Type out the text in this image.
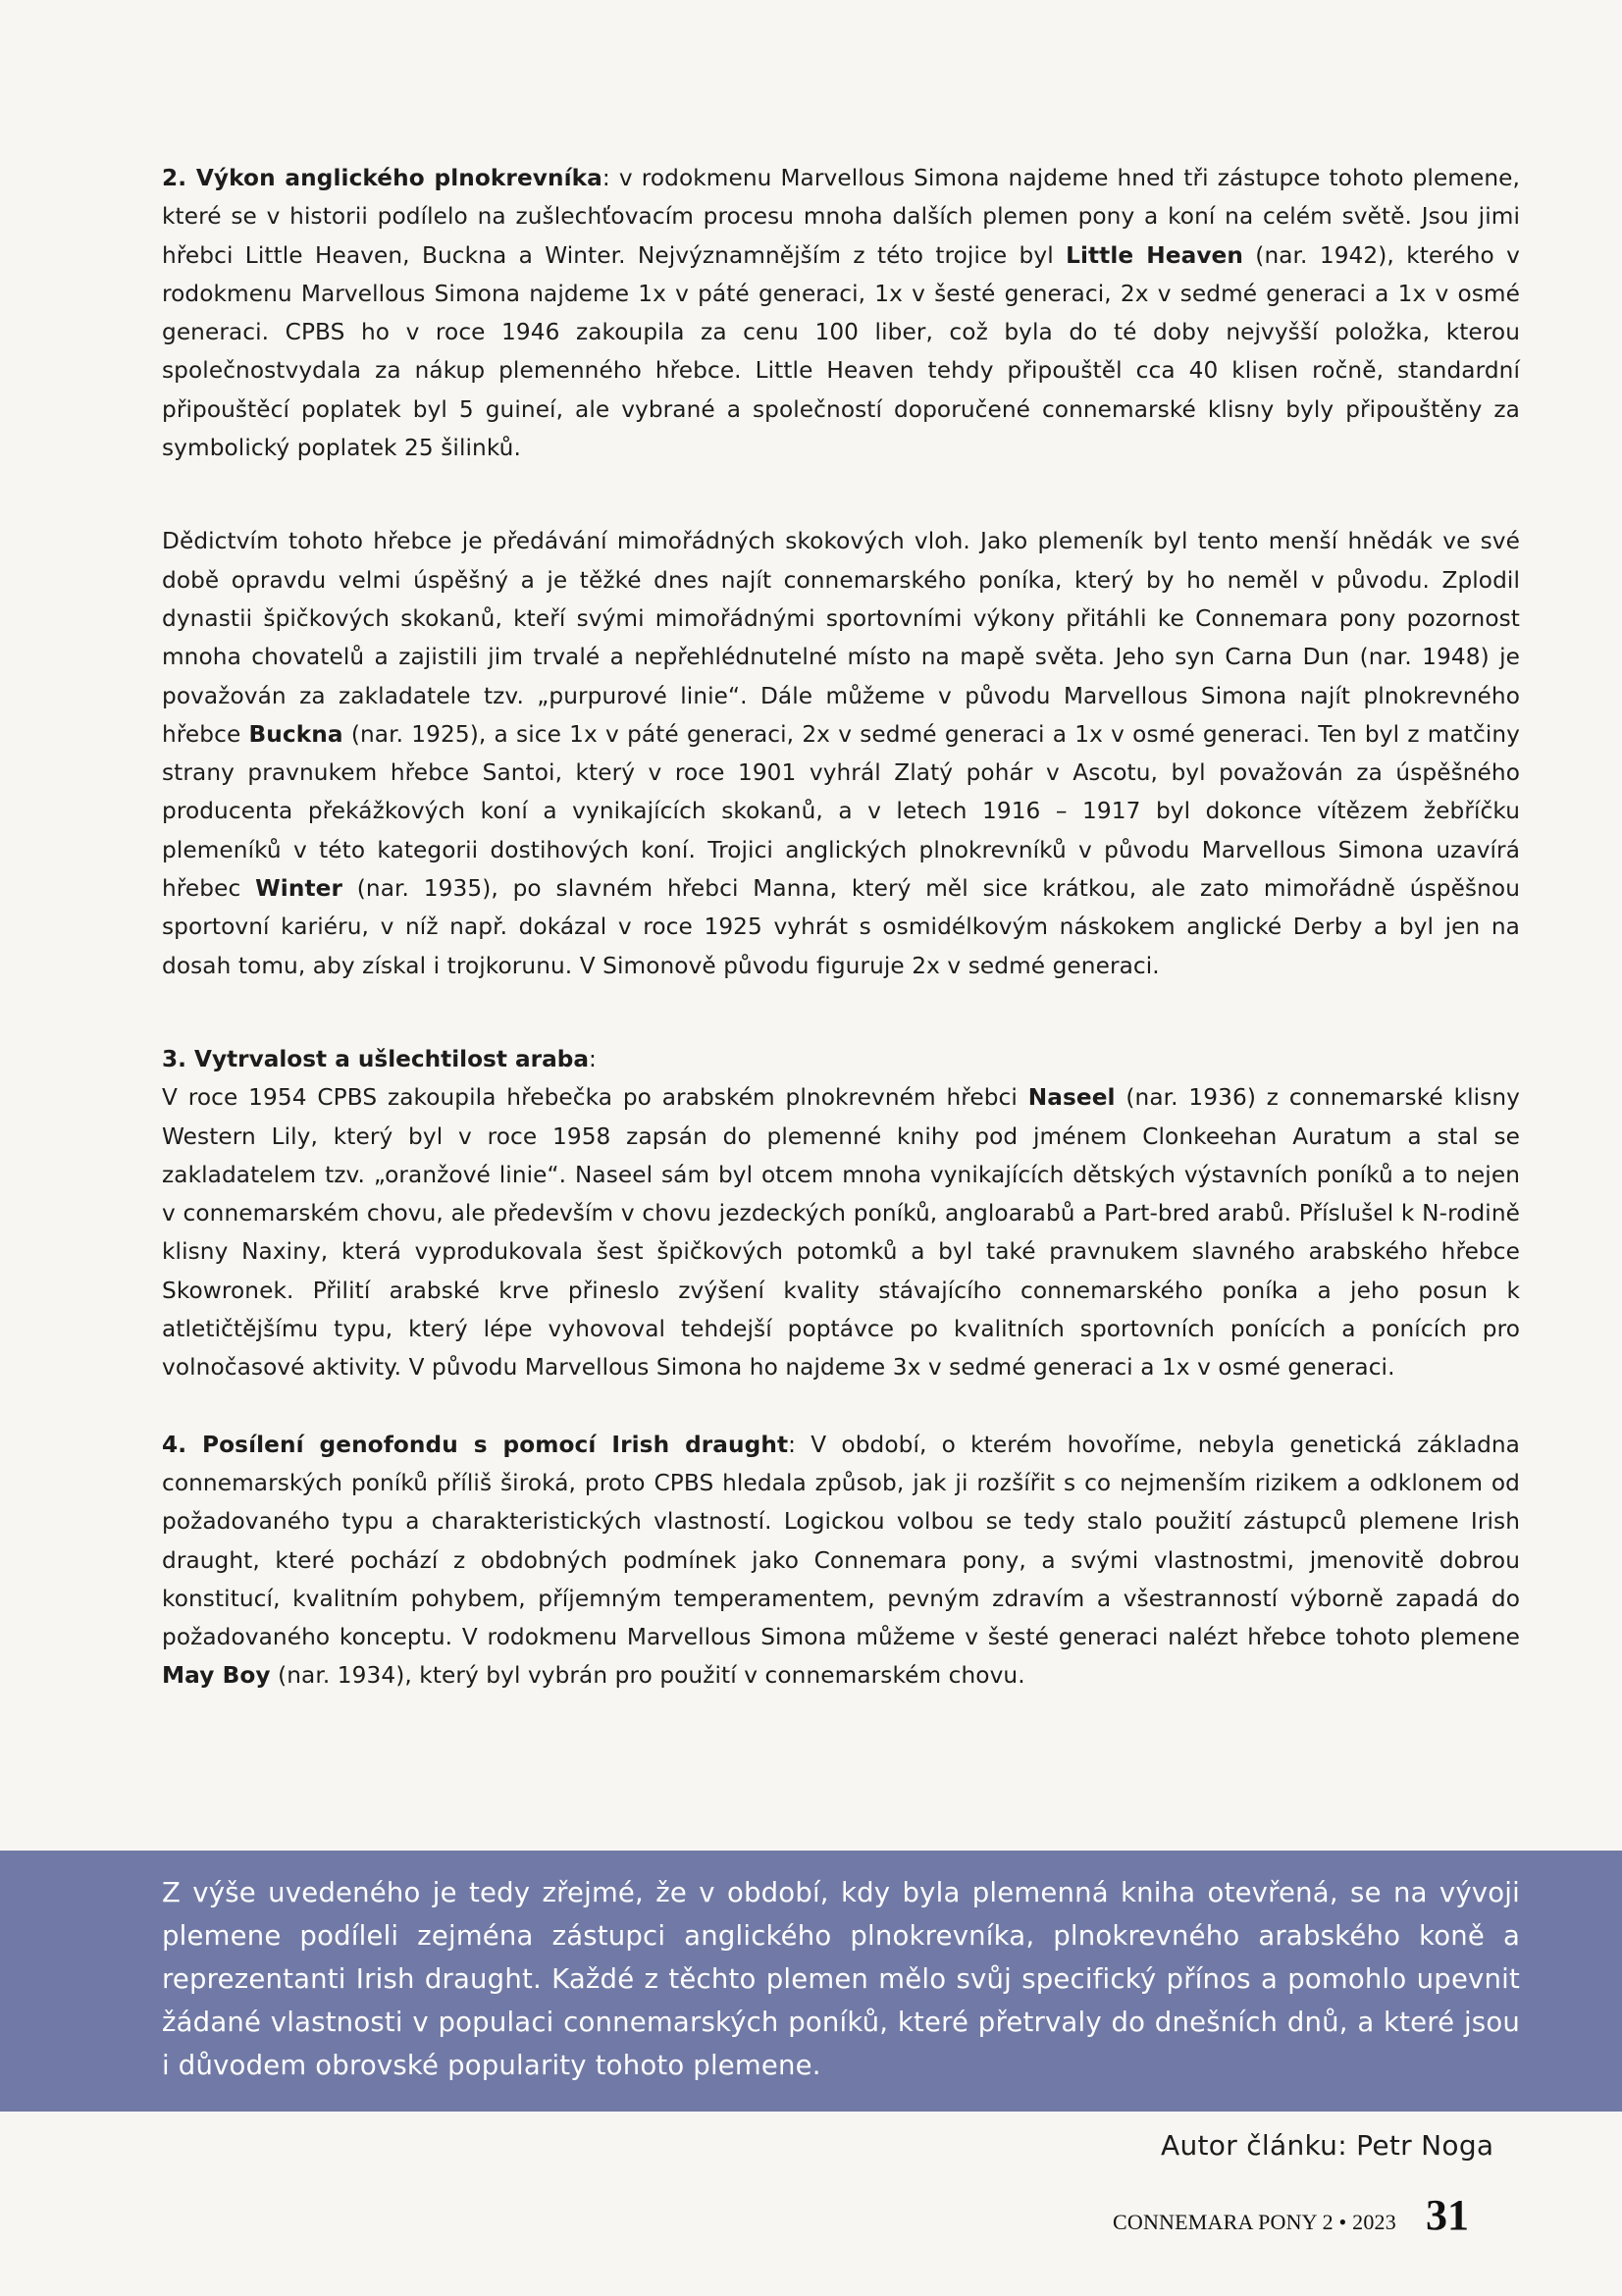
2. Výkon anglického plnokrevníka: v rodokmenu Marvellous Simona najdeme hned tři zástupce tohoto plemene, které se v historii podílelo na zušlechťovacím procesu mnoha dalších plemen pony a koní na celém světě. Jsou jimi hřebci Little Heaven, Buckna a Winter. Nejvýznamnějším z této trojice byl Little Heaven (nar. 1942), kterého v rodokmenu Marvellous Simona najdeme 1x v páté generaci, 1x v šesté generaci, 2x v sedmé generaci a 1x v osmé generaci. CPBS ho v roce 1946 zakoupila za cenu 100 liber, což byla do té doby nejvyšší položka, kterou společnostvydala za nákup plemenného hřebce. Little Heaven tehdy připouštěl cca 40 klisen ročně, standardní připouštěcí poplatek byl 5 guineí, ale vybrané a společností doporučené connemarské klisny byly připouštěny za symbolický poplatek 25 šilinků.

Dědictvím tohoto hřebce je předávání mimořádných skokových vloh. Jako plemeník byl tento menší hnědák ve své době opravdu velmi úspěšný a je těžké dnes najít connemarského poníka, který by ho neměl v původu. Zplodil dynastii špičkových skokanů, kteří svými mimořádnými sportovními výkony přitáhli ke Connemara pony pozornost mnoha chovatelů a zajistili jim trvalé a nepřehlédnutelné místo na mapě světa. Jeho syn Carna Dun (nar. 1948) je považován za zakladatele tzv. „purpurové linie“. Dále můžeme v původu Marvellous Simona najít plnokrevného hřebce Buckna (nar. 1925), a sice 1x v páté generaci, 2x v sedmé generaci a 1x v osmé generaci. Ten byl z matčiny strany pravnukem hřebce Santoi, který v roce 1901 vyhrál Zlatý pohár v Ascotu, byl považován za úspěšného producenta překážkových koní a vynikajících skokanů, a v letech 1916 – 1917 byl dokonce vítězem žebříčku plemeníků v této kategorii dostihových koní. Trojici anglických plnokrevníků v původu Marvellous Simona uzavírá hřebec Winter (nar. 1935), po slavném hřebci Manna, který měl sice krátkou, ale zato mimořádně úspěšnou sportovní kariéru, v níž např. dokázal v roce 1925 vyhrát s osmidélkovým náskokem anglické Derby a byl jen na dosah tomu, aby získal i trojkorunu. V Simonově původu figuruje 2x v sedmé generaci.

3. Vytrvalost a ušlechtilost araba:

V roce 1954 CPBS zakoupila hřebečka po arabském plnokrevném hřebci Naseel (nar. 1936) z connemarské klisny Western Lily, který byl v roce 1958 zapsán do plemenné knihy pod jménem Clonkeehan Auratum a stal se zakladatelem tzv. „oranžové linie“. Naseel sám byl otcem mnoha vynikajících dětských výstavních poníků a to nejen v connemarském chovu, ale především v chovu jezdeckých poníků, angloarabů a Part-bred arabů. Příslušel k N-rodině klisny Naxiny, která vyprodukovala šest špičkových potomků a byl také pravnukem slavného arabského hřebce Skowronek. Přilití arabské krve přineslo zvýšení kvality stávajícího connemarského poníka a jeho posun k atletičtějšímu typu, který lépe vyhovoval tehdejší poptávce po kvalitních sportovních ponících a ponících pro volnočasové aktivity. V původu Marvellous Simona ho najdeme 3x v sedmé generaci a 1x v osmé generaci.

4. Posílení genofondu s pomocí Irish draught: V období, o kterém hovoříme, nebyla genetická základna connemarských poníků příliš široká, proto CPBS hledala způsob, jak ji rozšířit s co nejmenším rizikem a odklonem od požadovaného typu a charakteristických vlastností. Logickou volbou se tedy stalo použití zástupců plemene Irish draught, které pochází z obdobných podmínek jako Connemara pony, a svými vlastnostmi, jmenovitě dobrou konstitucí, kvalitním pohybem, příjemným temperamentem, pevným zdravím a všestranností výborně zapadá do požadovaného konceptu. V rodokmenu Marvellous Simona můžeme v šesté generaci nalézt hřebce tohoto plemene May Boy (nar. 1934), který byl vybrán pro použití v connemarském chovu.

Z výše uvedeného je tedy zřejmé, že v období, kdy byla plemenná kniha otevřená, se na vývoji plemene podíleli zejména zástupci anglického plnokrevníka, plnokrevného arabského koně a reprezentanti Irish draught. Každé z těchto plemen mělo svůj specifický přínos a pomohlo upevnit žádané vlastnosti v populaci connemarských poníků, které přetrvaly do dnešních dnů, a které jsou i důvodem obrovské popularity tohoto plemene.

Autor článku: Petr Noga
CONNEMARA PONY 2 • 2023 31
